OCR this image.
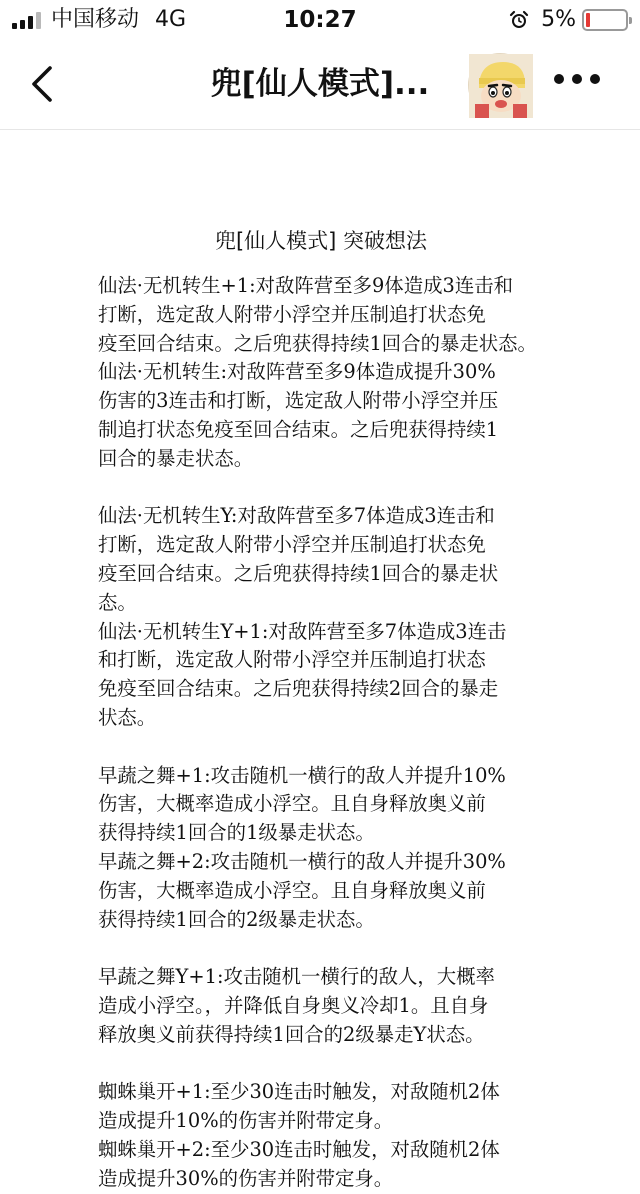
中国移动 4G	10:27	5%
兜[仙人模式]...
兜[仙人模式] 突破想法
仙法·无机转生+1:对敌阵营至多9体造成3连击和
打断，选定敌人附带小浮空并压制追打状态免
疫至回合结束。之后兜获得持续1回合的暴走状态。
仙法·无机转生:对敌阵营至多9体造成提升30%
伤害的3连击和打断，选定敌人附带小浮空并压
制追打状态免疫至回合结束。之后兜获得持续1
回合的暴走状态。
仙法·无机转生Y:对敌阵营至多7体造成3连击和
打断，选定敌人附带小浮空并压制追打状态免
疫至回合结束。之后兜获得持续1回合的暴走状
态。
仙法·无机转生Y+1:对敌阵营至多7体造成3连击
和打断，选定敌人附带小浮空并压制追打状态
免疫至回合结束。之后兜获得持续2回合的暴走
状态。
早蔬之舞+1:攻击随机一横行的敌人并提升10%
伤害，大概率造成小浮空。且自身释放奥义前
获得持续1回合的1级暴走状态。
早蔬之舞+2:攻击随机一横行的敌人并提升30%
伤害，大概率造成小浮空。且自身释放奥义前
获得持续1回合的2级暴走状态。
早蔬之舞Y+1:攻击随机一横行的敌人，大概率
造成小浮空。，并降低自身奥义冷却1。且自身
释放奥义前获得持续1回合的2级暴走Y状态。
蜘蛛巢开+1:至少30连击时触发，对敌随机2体
造成提升10%的伤害并附带定身。
蜘蛛巢开+2:至少30连击时触发，对敌随机2体
造成提升30%的伤害并附带定身。
